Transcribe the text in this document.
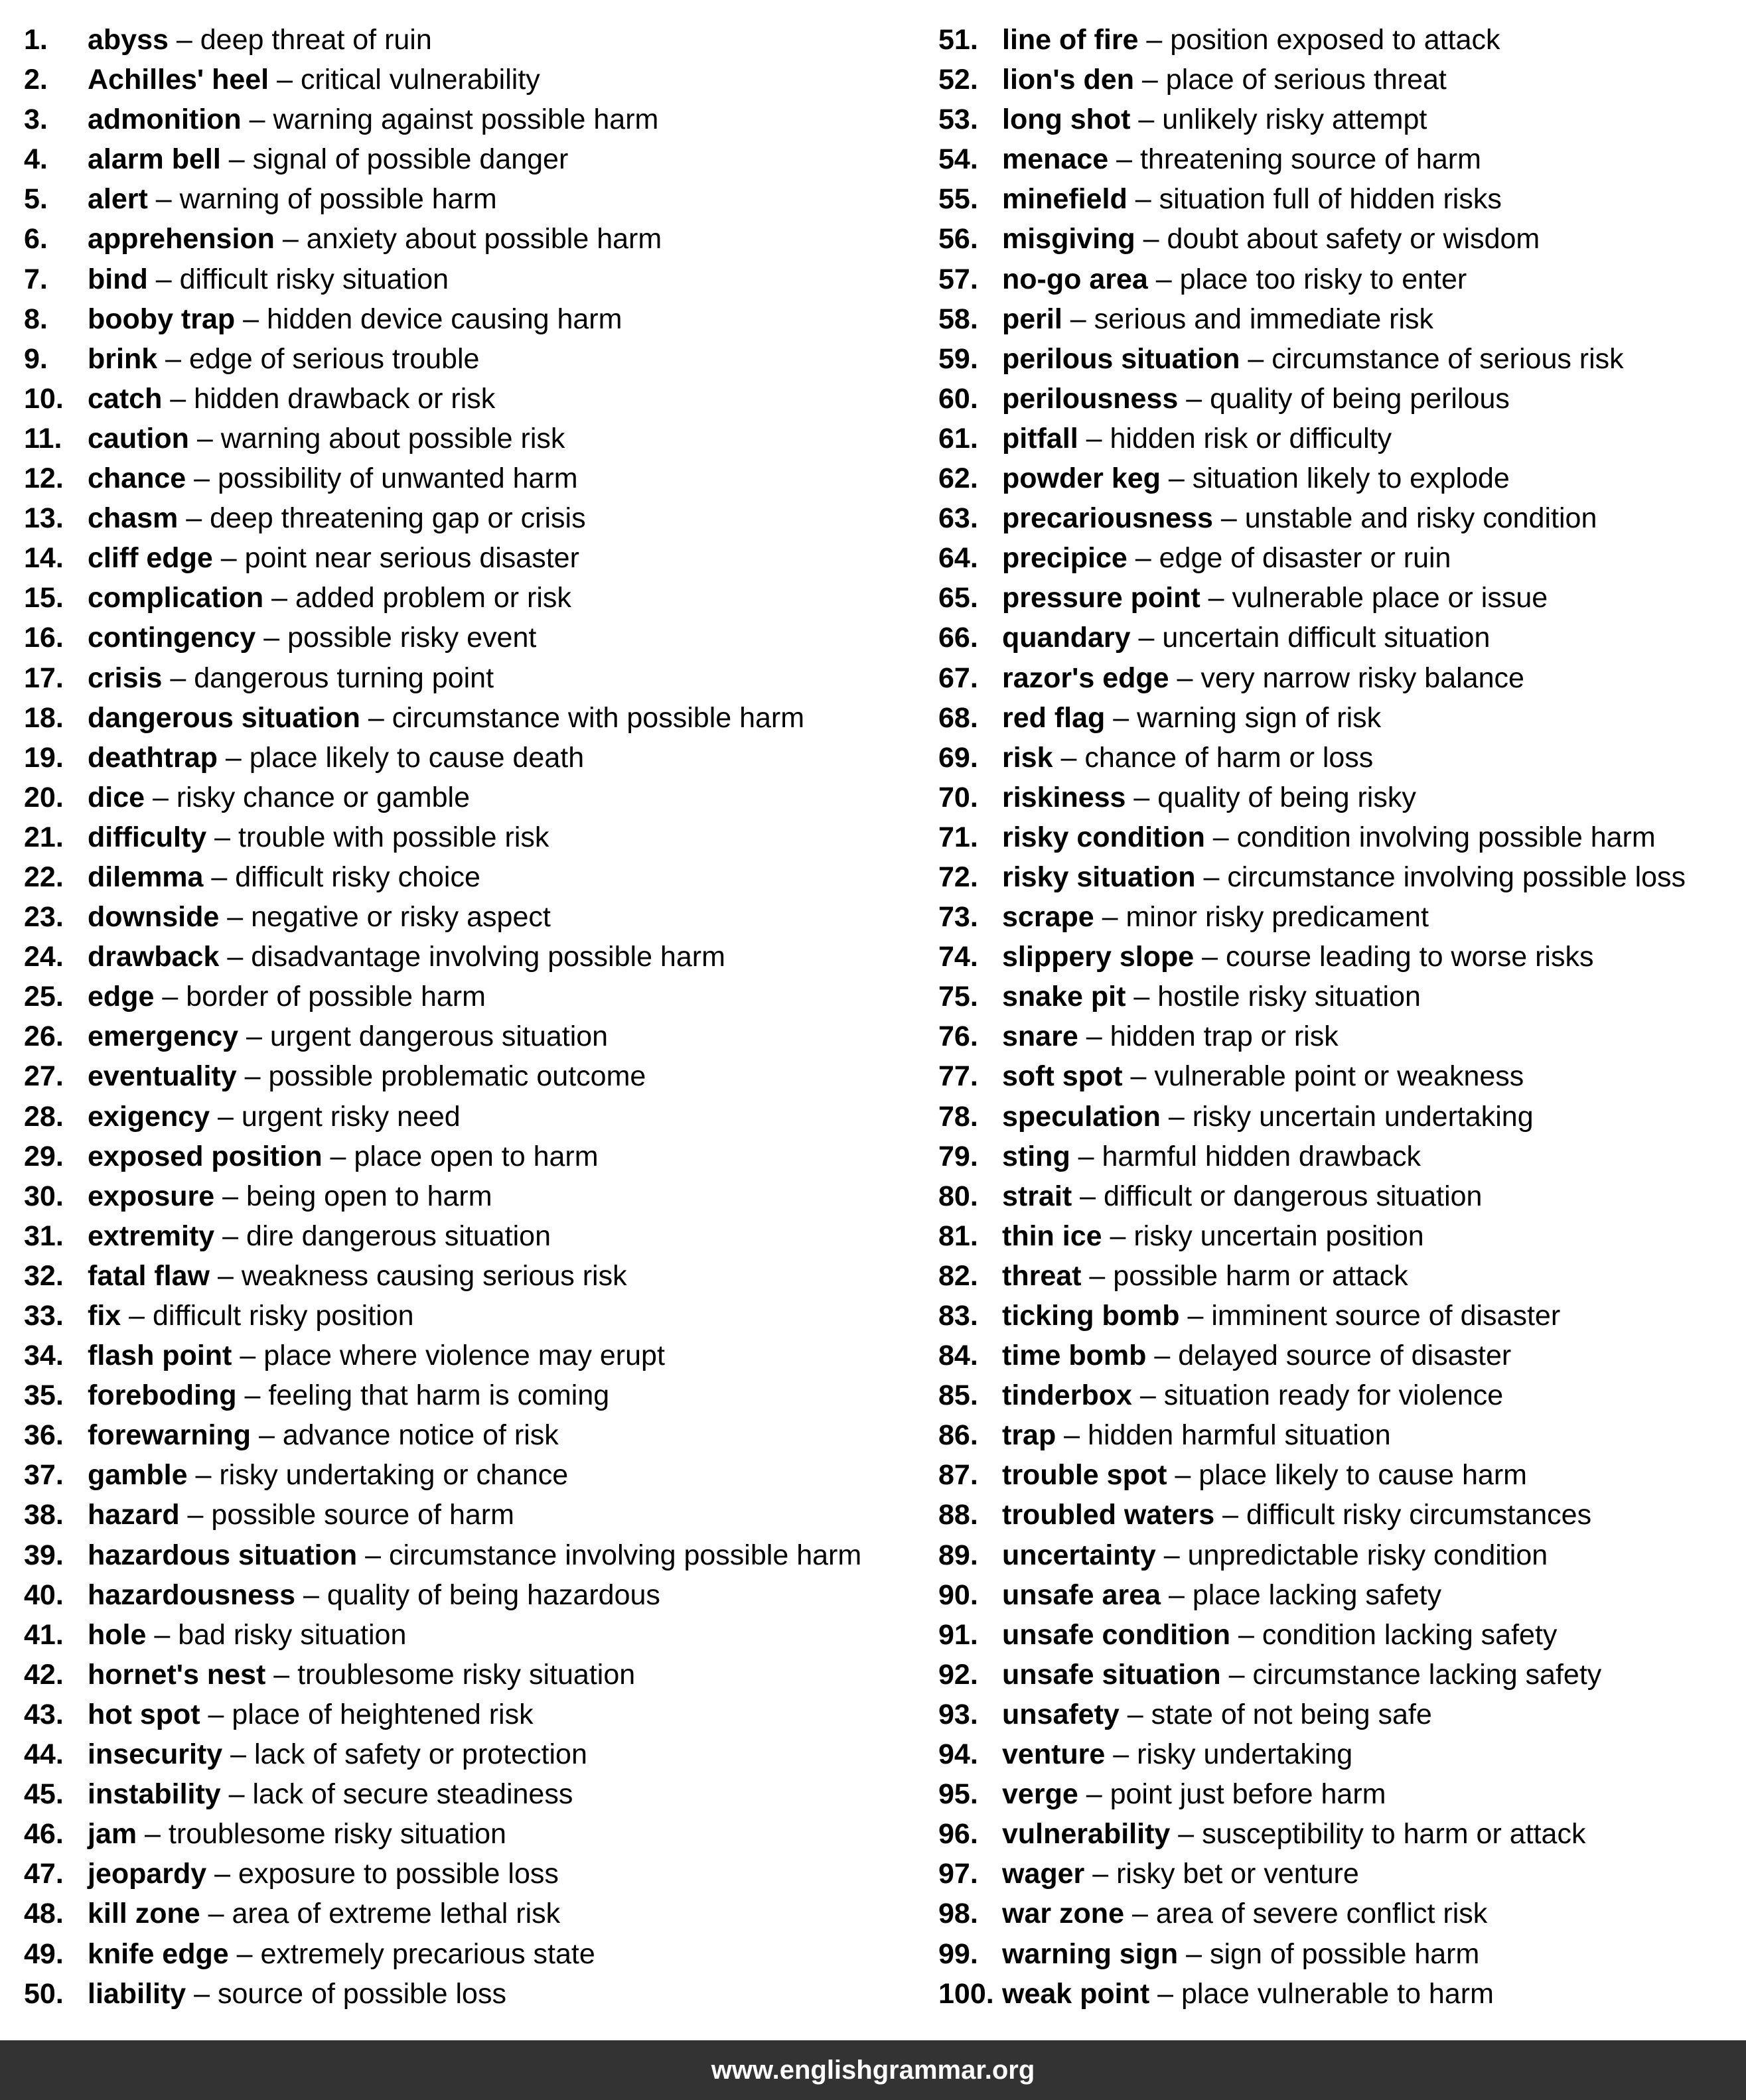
1.	abyss – deep threat of ruin
2.	Achilles' heel – critical vulnerability
3.	admonition – warning against possible harm
4.	alarm bell – signal of possible danger
5.	alert – warning of possible harm
6.	apprehension – anxiety about possible harm
7.	bind – difficult risky situation
8.	booby trap – hidden device causing harm
9.	brink – edge of serious trouble
10. catch – hidden drawback or risk
11. caution – warning about possible risk
12. chance – possibility of unwanted harm
13. chasm – deep threatening gap or crisis
14. cliff edge – point near serious disaster
15. complication – added problem or risk
16. contingency – possible risky event
17. crisis – dangerous turning point
18. dangerous situation – circumstance with possible harm
19. deathtrap – place likely to cause death
20. dice – risky chance or gamble
21. difficulty – trouble with possible risk
22. dilemma – difficult risky choice
23. downside – negative or risky aspect
24. drawback – disadvantage involving possible harm
25. edge – border of possible harm
26. emergency – urgent dangerous situation
27. eventuality – possible problematic outcome
28. exigency – urgent risky need
29. exposed position – place open to harm
30. exposure – being open to harm
31. extremity – dire dangerous situation
32. fatal flaw – weakness causing serious risk
33. fix – difficult risky position
34. flash point – place where violence may erupt
35. foreboding – feeling that harm is coming
36. forewarning – advance notice of risk
37. gamble – risky undertaking or chance
38. hazard – possible source of harm
39. hazardous situation – circumstance involving possible harm
40. hazardousness – quality of being hazardous
41. hole – bad risky situation
42. hornet's nest – troublesome risky situation
43. hot spot – place of heightened risk
44. insecurity – lack of safety or protection
45. instability – lack of secure steadiness
46. jam – troublesome risky situation
47. jeopardy – exposure to possible loss
48. kill zone – area of extreme lethal risk
49. knife edge – extremely precarious state
50. liability – source of possible loss
51. line of fire – position exposed to attack
52. lion's den – place of serious threat
53. long shot – unlikely risky attempt
54. menace – threatening source of harm
55. minefield – situation full of hidden risks
56. misgiving – doubt about safety or wisdom
57. no-go area – place too risky to enter
58. peril – serious and immediate risk
59. perilous situation – circumstance of serious risk
60. perilousness – quality of being perilous
61. pitfall – hidden risk or difficulty
62. powder keg – situation likely to explode
63. precariousness – unstable and risky condition
64. precipice – edge of disaster or ruin
65. pressure point – vulnerable place or issue
66. quandary – uncertain difficult situation
67. razor's edge – very narrow risky balance
68. red flag – warning sign of risk
69. risk – chance of harm or loss
70. riskiness – quality of being risky
71. risky condition – condition involving possible harm
72. risky situation – circumstance involving possible loss
73. scrape – minor risky predicament
74. slippery slope – course leading to worse risks
75. snake pit – hostile risky situation
76. snare – hidden trap or risk
77. soft spot – vulnerable point or weakness
78. speculation – risky uncertain undertaking
79. sting – harmful hidden drawback
80. strait – difficult or dangerous situation
81. thin ice – risky uncertain position
82. threat – possible harm or attack
83. ticking bomb – imminent source of disaster
84. time bomb – delayed source of disaster
85. tinderbox – situation ready for violence
86. trap – hidden harmful situation
87. trouble spot – place likely to cause harm
88. troubled waters – difficult risky circumstances
89. uncertainty – unpredictable risky condition
90. unsafe area – place lacking safety
91. unsafe condition – condition lacking safety
92. unsafe situation – circumstance lacking safety
93. unsafety – state of not being safe
94. venture – risky undertaking
95. verge – point just before harm
96. vulnerability – susceptibility to harm or attack
97. wager – risky bet or venture
98. war zone – area of severe conflict risk
99. warning sign – sign of possible harm
100. weak point – place vulnerable to harm
www.englishgrammar.org
